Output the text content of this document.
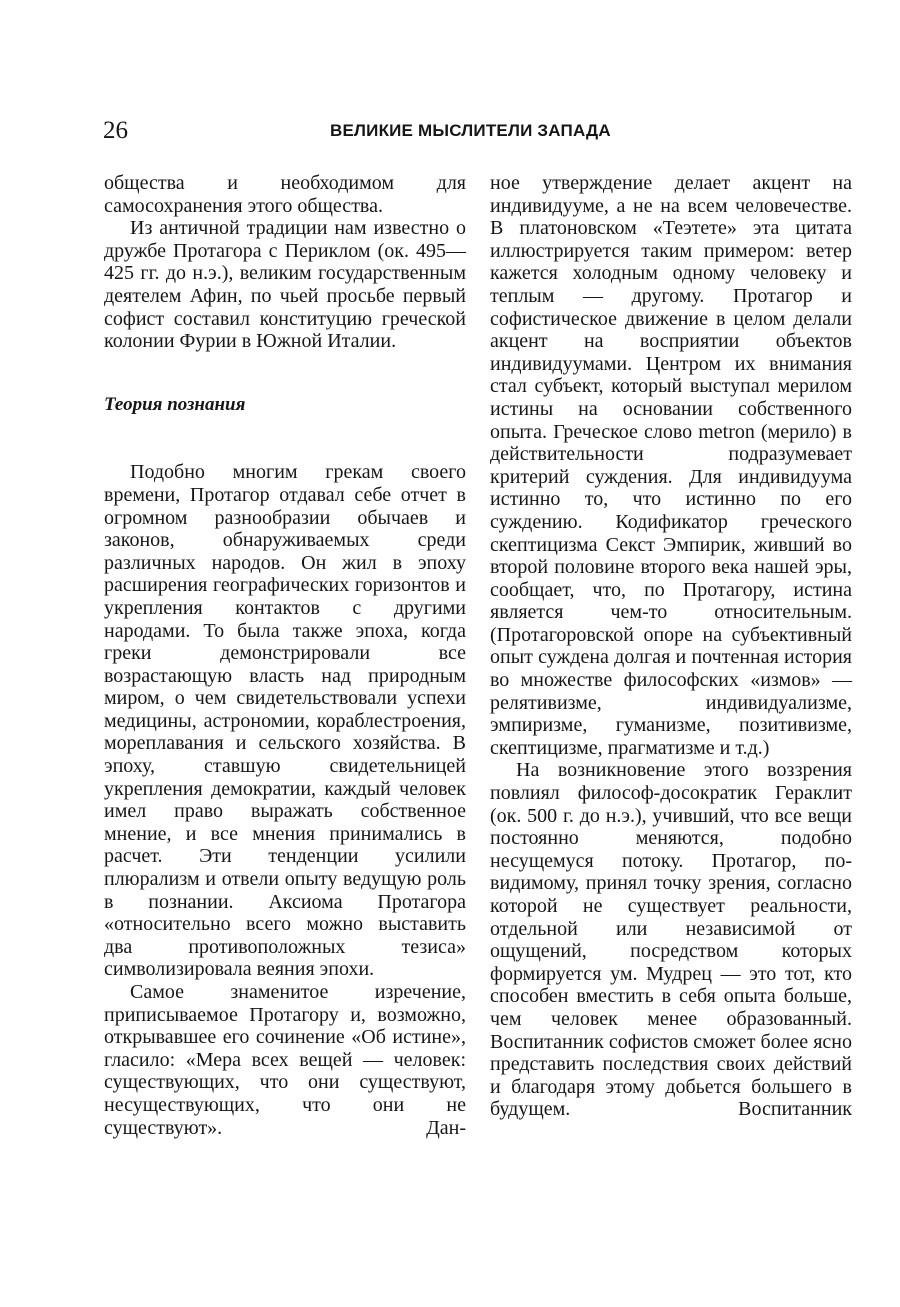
26	ВЕЛИКИЕ МЫСЛИТЕЛИ ЗАПАДА

общества и необходимом для самосохранения этого общества.

Из античной традиции нам известно о дружбе Протагора с Периклом (ок. 495—425 гг. до н.э.), великим государственным деятелем Афин, по чьей просьбе первый софист составил конституцию греческой колонии Фурии в Южной Италии.

Теория познания

Подобно многим грекам своего времени, Протагор отдавал себе отчет в огромном разнообразии обычаев и законов, обнаруживаемых среди различных народов. Он жил в эпоху расширения географических горизонтов и укрепления контактов с другими народами. То была также эпоха, когда греки демонстрировали все возрастающую власть над природным миром, о чем свидетельствовали успехи медицины, астрономии, кораблестроения, мореплавания и сельского хозяйства. В эпоху, ставшую свидетельницей укрепления демократии, каждый человек имел право выражать собственное мнение, и все мнения принимались в расчет. Эти тенденции усилили плюрализм и отвели опыту ведущую роль в познании. Аксиома Протагора «относительно всего можно выставить два противоположных тезиса» символизировала веяния эпохи.

Самое знаменитое изречение, приписываемое Протагору и, возможно, открывавшее его сочинение «Об истине», гласило: «Мера всех вещей — человек: существующих, что они существуют, несуществующих, что они не существуют». Дан-

ное утверждение делает акцент на индивидууме, а не на всем человечестве. В платоновском «Теэтете» эта цитата иллюстрируется таким примером: ветер кажется холодным одному человеку и теплым — другому. Протагор и софистическое движение в целом делали акцент на восприятии объектов индивидуумами. Центром их внимания стал субъект, который выступал мерилом истины на основании собственного опыта. Греческое слово metron (мерило) в действительности подразумевает критерий суждения. Для индивидуума истинно то, что истинно по его суждению. Кодификатор греческого скептицизма Секст Эмпирик, живший во второй половине второго века нашей эры, сообщает, что, по Протагору, истина является чем-то относительным. (Протагоровской опоре на субъективный опыт суждена долгая и почтенная история во множестве философских «измов» — релятивизме, индивидуализме, эмпиризме, гуманизме, позитивизме, скептицизме, прагматизме и т.д.)

На возникновение этого воззрения повлиял философ-досократик Гераклит (ок. 500 г. до н.э.), учивший, что все вещи постоянно меняются, подобно несущемуся потоку. Протагор, по-видимому, принял точку зрения, согласно которой не существует реальности, отдельной или независимой от ощущений, посредством которых формируется ум. Мудрец — это тот, кто способен вместить в себя опыта больше, чем человек менее образованный. Воспитанник софистов сможет более ясно представить последствия своих действий и благодаря этому добьется большего в будущем. Воспитанник
